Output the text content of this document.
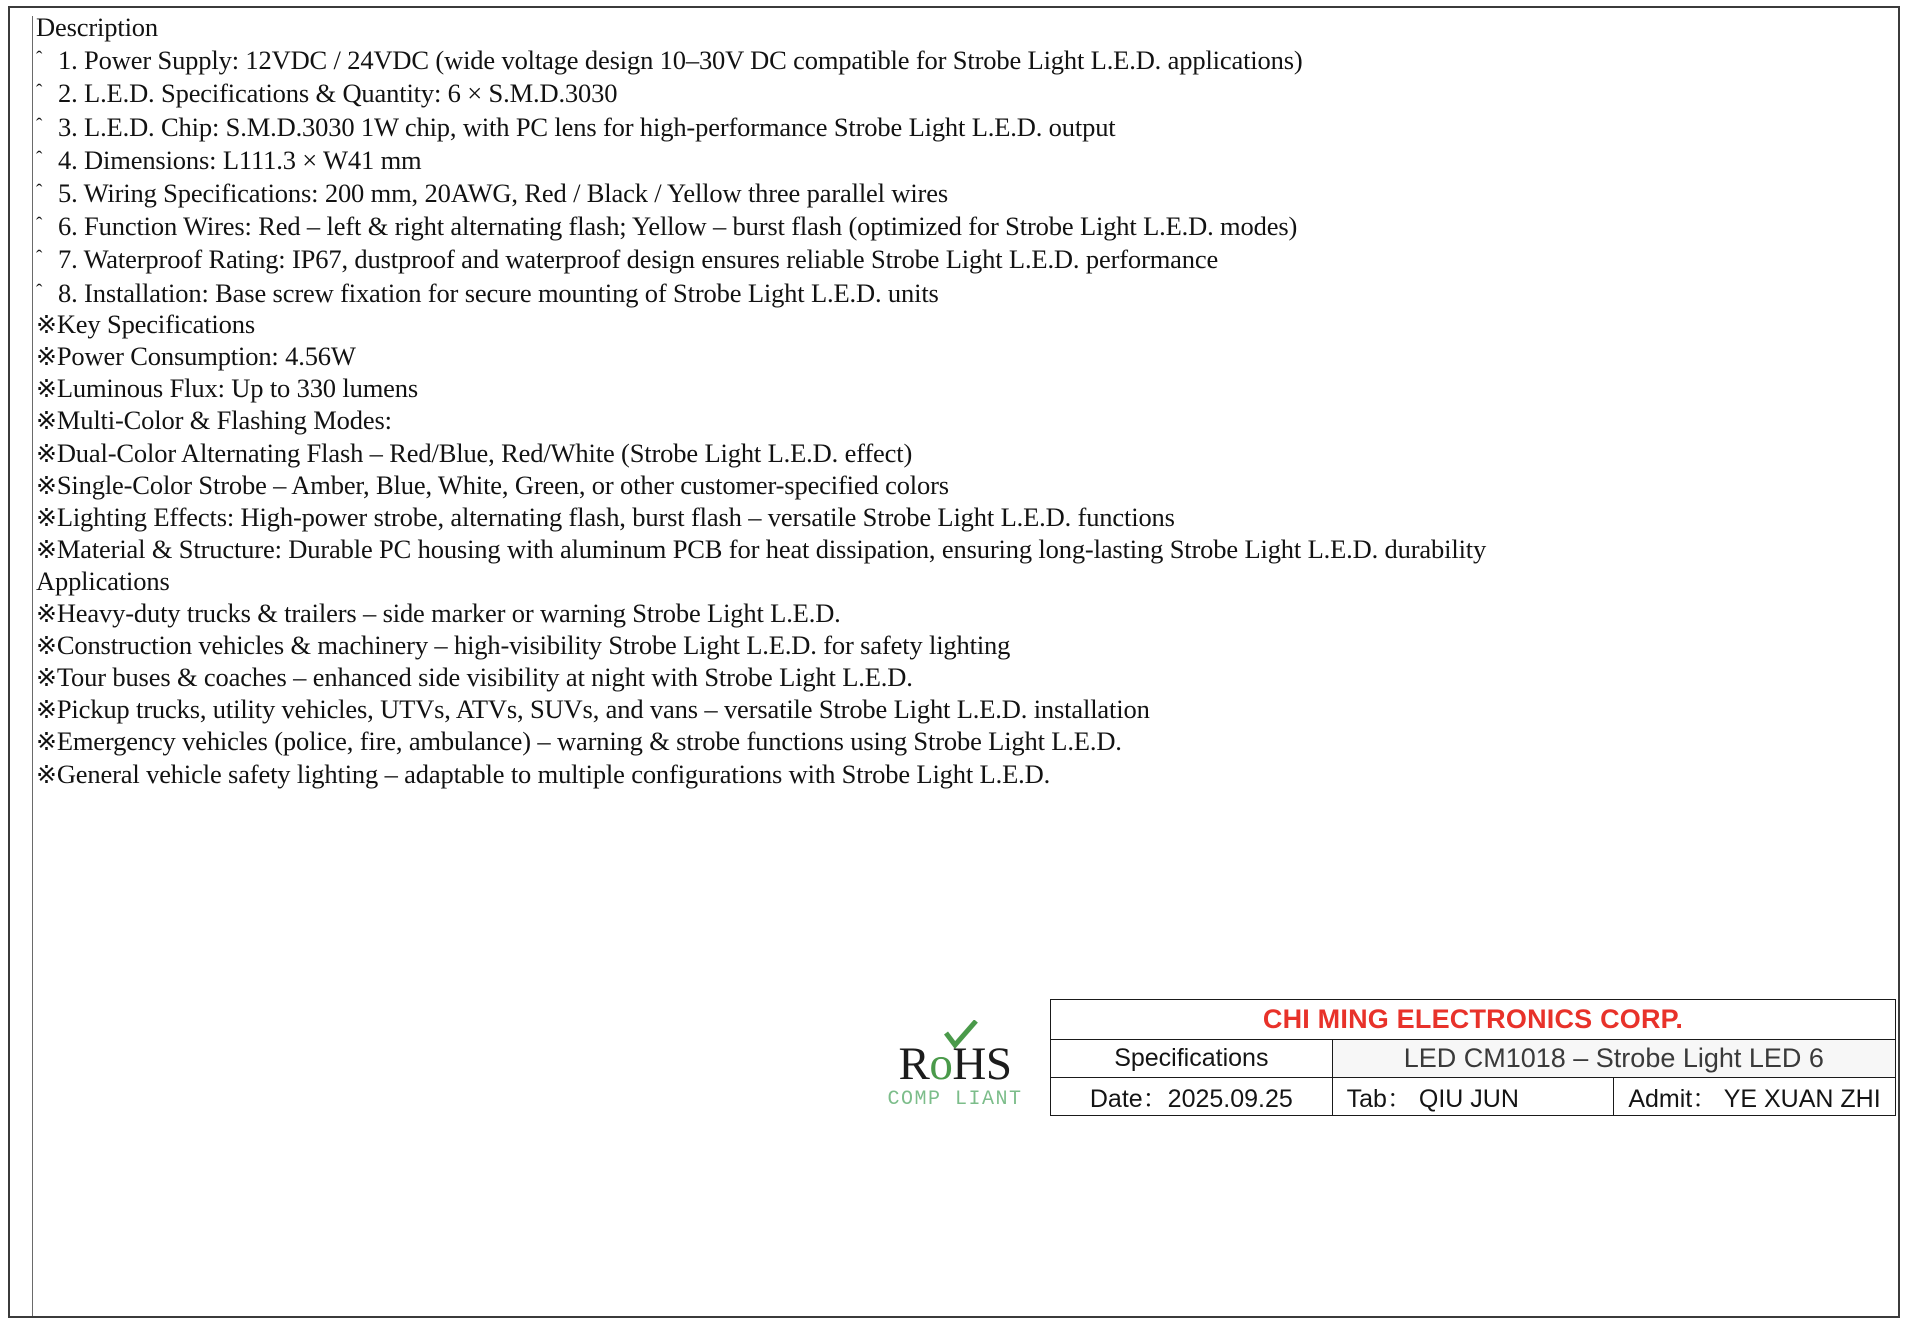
Description
ˆ 1. Power Supply: 12VDC / 24VDC (wide voltage design 10–30V DC compatible for Strobe Light L.E.D. applications)
ˆ 2. L.E.D. Specifications & Quantity: 6 × S.M.D.3030
ˆ 3. L.E.D. Chip: S.M.D.3030 1W chip, with PC lens for high-performance Strobe Light L.E.D. output
ˆ 4. Dimensions: L111.3 × W41 mm
ˆ 5. Wiring Specifications: 200 mm, 20AWG, Red / Black / Yellow three parallel wires
ˆ 6. Function Wires: Red – left & right alternating flash; Yellow – burst flash (optimized for Strobe Light L.E.D. modes)
ˆ 7. Waterproof Rating: IP67, dustproof and waterproof design ensures reliable Strobe Light L.E.D. performance
ˆ 8. Installation: Base screw fixation for secure mounting of Strobe Light L.E.D. units
※Key Specifications
※Power Consumption: 4.56W
※Luminous Flux: Up to 330 lumens
※Multi-Color & Flashing Modes:
※Dual-Color Alternating Flash – Red/Blue, Red/White (Strobe Light L.E.D. effect)
※Single-Color Strobe – Amber, Blue, White, Green, or other customer-specified colors
※Lighting Effects: High-power strobe, alternating flash, burst flash – versatile Strobe Light L.E.D. functions
※Material & Structure: Durable PC housing with aluminum PCB for heat dissipation, ensuring long-lasting Strobe Light L.E.D. durability
Applications
※Heavy-duty trucks & trailers – side marker or warning Strobe Light L.E.D.
※Construction vehicles & machinery – high-visibility Strobe Light L.E.D. for safety lighting
※Tour buses & coaches – enhanced side visibility at night with Strobe Light L.E.D.
※Pickup trucks, utility vehicles, UTVs, ATVs, SUVs, and vans – versatile Strobe Light L.E.D. installation
※Emergency vehicles (police, fire, ambulance) – warning & strobe functions using Strobe Light L.E.D.
※General vehicle safety lighting – adaptable to multiple configurations with Strobe Light L.E.D.
RoHS
COMP LIANT
CHI MING ELECTRONICS CORP.		
Specifications	LED CM1018 – Strobe Light LED 6	
Date：2025.09.25	Tab： QIU JUN	Admit： YE XUAN ZHI
